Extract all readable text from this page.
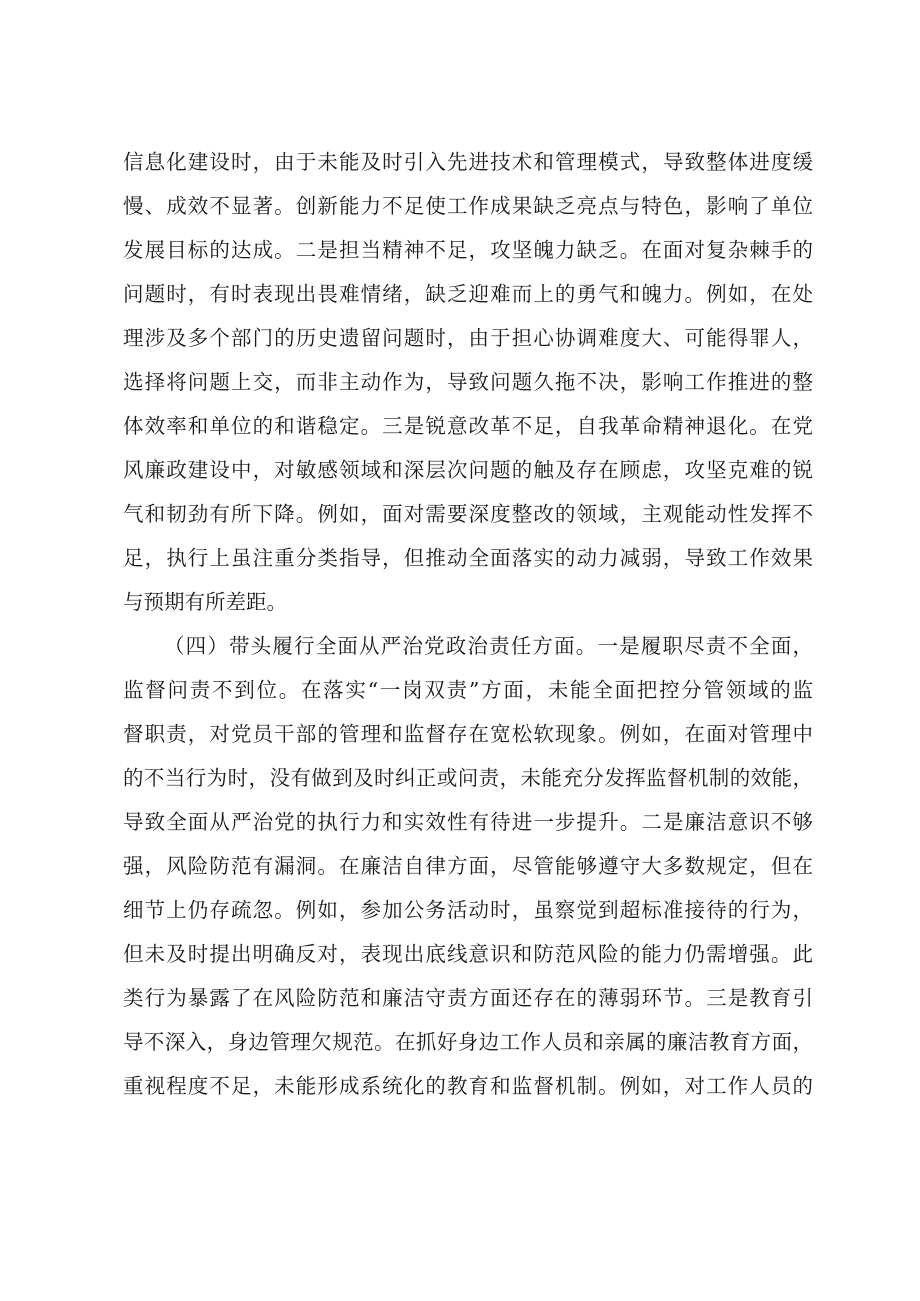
信息化建设时，由于未能及时引入先进技术和管理模式，导致整体进度缓
慢、成效不显著。创新能力不足使工作成果缺乏亮点与特色，影响了单位
发展目标的达成。二是担当精神不足，攻坚魄力缺乏。在面对复杂棘手的
问题时，有时表现出畏难情绪，缺乏迎难而上的勇气和魄力。例如，在处
理涉及多个部门的历史遗留问题时，由于担心协调难度大、可能得罪人，
选择将问题上交，而非主动作为，导致问题久拖不决，影响工作推进的整
体效率和单位的和谐稳定。三是锐意改革不足，自我革命精神退化。在党
风廉政建设中，对敏感领域和深层次问题的触及存在顾虑，攻坚克难的锐
气和韧劲有所下降。例如，面对需要深度整改的领域，主观能动性发挥不
足，执行上虽注重分类指导，但推动全面落实的动力减弱，导致工作效果
与预期有所差距。
（四）带头履行全面从严治党政治责任方面。一是履职尽责不全面，
监督问责不到位。在落实“一岗双责”方面，未能全面把控分管领域的监
督职责，对党员干部的管理和监督存在宽松软现象。例如，在面对管理中
的不当行为时，没有做到及时纠正或问责，未能充分发挥监督机制的效能，
导致全面从严治党的执行力和实效性有待进一步提升。二是廉洁意识不够
强，风险防范有漏洞。在廉洁自律方面，尽管能够遵守大多数规定，但在
细节上仍存疏忽。例如，参加公务活动时，虽察觉到超标准接待的行为，
但未及时提出明确反对，表现出底线意识和防范风险的能力仍需增强。此
类行为暴露了在风险防范和廉洁守责方面还存在的薄弱环节。三是教育引
导不深入，身边管理欠规范。在抓好身边工作人员和亲属的廉洁教育方面，
重视程度不足，未能形成系统化的教育和监督机制。例如，对工作人员的
